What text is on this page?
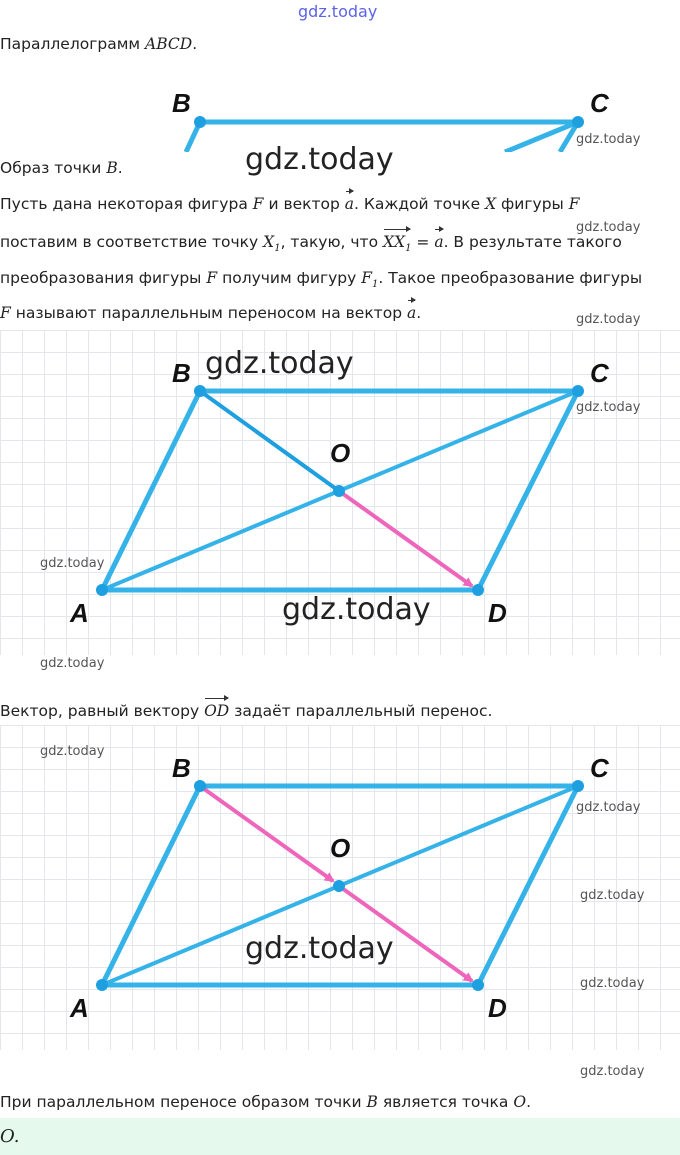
gdz.today
Параллелограмм ABCD.
B	C
gdz.today
gdz.today
Образ точки B.
Пусть дана некоторая фигура F и вектор a. Каждой точке X фигуры F
gdz.today
поставим в соответствие точку $X_1$, такую, что $XX_1 = a$. В результате такого
преобразования фигуры F получим фигуру $F_1$. Такое преобразование фигуры
F называют параллельным переносом на вектор a.	gdz.today
B	C
O
A	D
gdz.today
gdz.today
gdz.today
gdz.today
gdz.today
Вектор, равный вектору OD задаёт параллельный перенос.
B	C
O
A	D
gdz.today
gdz.today
gdz.today
gdz.today
gdz.today
gdz.today
При параллельном переносе образом точки B является точка O.
O.
